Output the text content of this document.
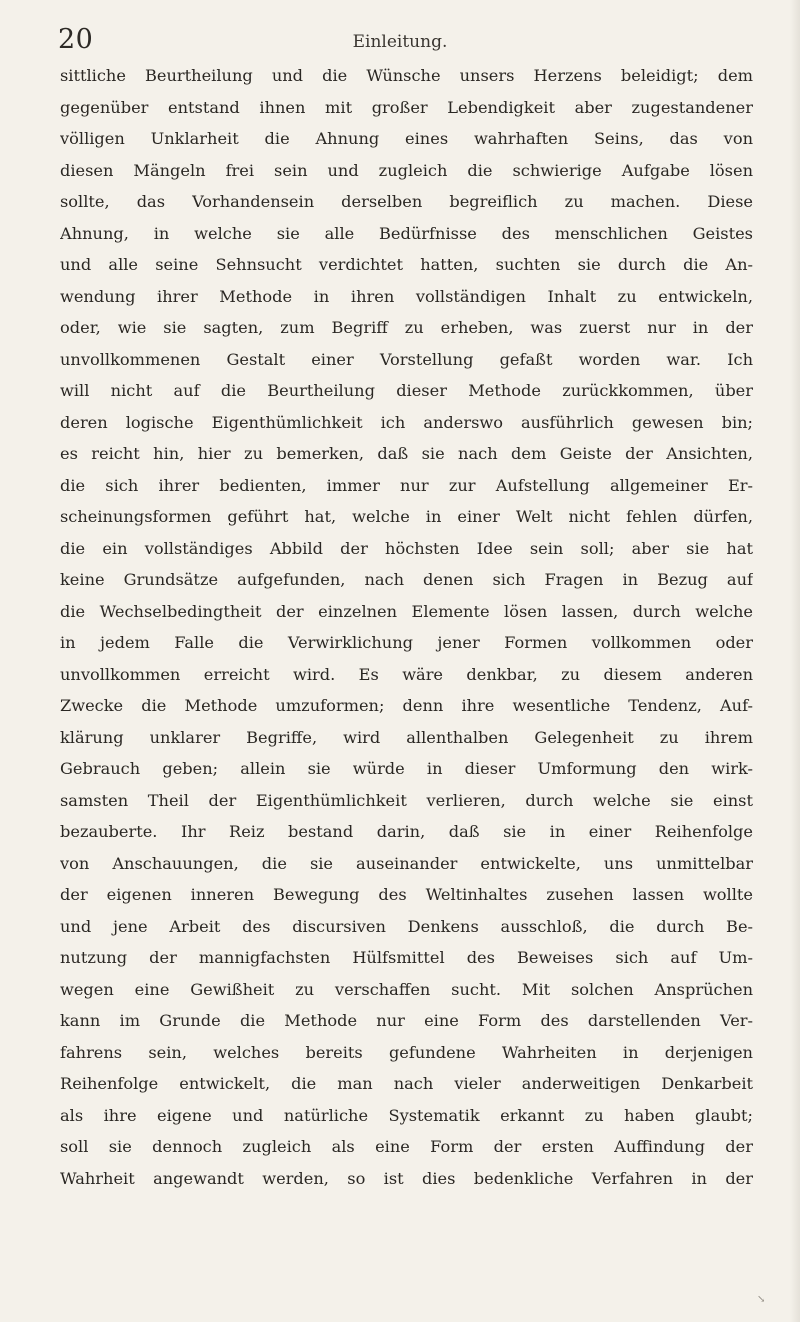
20	Einleitung.
sittliche Beurtheilung und die Wünsche unsers Herzens beleidigt; dem
gegenüber entstand ihnen mit großer Lebendigkeit aber zugestandener
völligen Unklarheit die Ahnung eines wahrhaften Seins, das von
diesen Mängeln frei sein und zugleich die schwierige Aufgabe lösen
sollte, das Vorhandensein derselben begreiflich zu machen. Diese
Ahnung, in welche sie alle Bedürfnisse des menschlichen Geistes
und alle seine Sehnsucht verdichtet hatten, suchten sie durch die An-
wendung ihrer Methode in ihren vollständigen Inhalt zu entwickeln,
oder, wie sie sagten, zum Begriff zu erheben, was zuerst nur in der
unvollkommenen Gestalt einer Vorstellung gefaßt worden war. Ich
will nicht auf die Beurtheilung dieser Methode zurückkommen, über
deren logische Eigenthümlichkeit ich anderswo ausführlich gewesen bin;
es reicht hin, hier zu bemerken, daß sie nach dem Geiste der Ansichten,
die sich ihrer bedienten, immer nur zur Aufstellung allgemeiner Er-
scheinungsformen geführt hat, welche in einer Welt nicht fehlen dürfen,
die ein vollständiges Abbild der höchsten Idee sein soll; aber sie hat
keine Grundsätze aufgefunden, nach denen sich Fragen in Bezug auf
die Wechselbedingtheit der einzelnen Elemente lösen lassen, durch welche
in jedem Falle die Verwirklichung jener Formen vollkommen oder
unvollkommen erreicht wird. Es wäre denkbar, zu diesem anderen
Zwecke die Methode umzuformen; denn ihre wesentliche Tendenz, Auf-
klärung unklarer Begriffe, wird allenthalben Gelegenheit zu ihrem
Gebrauch geben; allein sie würde in dieser Umformung den wirk-
samsten Theil der Eigenthümlichkeit verlieren, durch welche sie einst
bezauberte. Ihr Reiz bestand darin, daß sie in einer Reihenfolge
von Anschauungen, die sie auseinander entwickelte, uns unmittelbar
der eigenen inneren Bewegung des Weltinhaltes zusehen lassen wollte
und jene Arbeit des discursiven Denkens ausschloß, die durch Be-
nutzung der mannigfachsten Hülfsmittel des Beweises sich auf Um-
wegen eine Gewißheit zu verschaffen sucht. Mit solchen Ansprüchen
kann im Grunde die Methode nur eine Form des darstellenden Ver-
fahrens sein, welches bereits gefundene Wahrheiten in derjenigen
Reihenfolge entwickelt, die man nach vieler anderweitigen Denkarbeit
als ihre eigene und natürliche Systematik erkannt zu haben glaubt;
soll sie dennoch zugleich als eine Form der ersten Auffindung der
Wahrheit angewandt werden, so ist dies bedenkliche Verfahren in der
↘
